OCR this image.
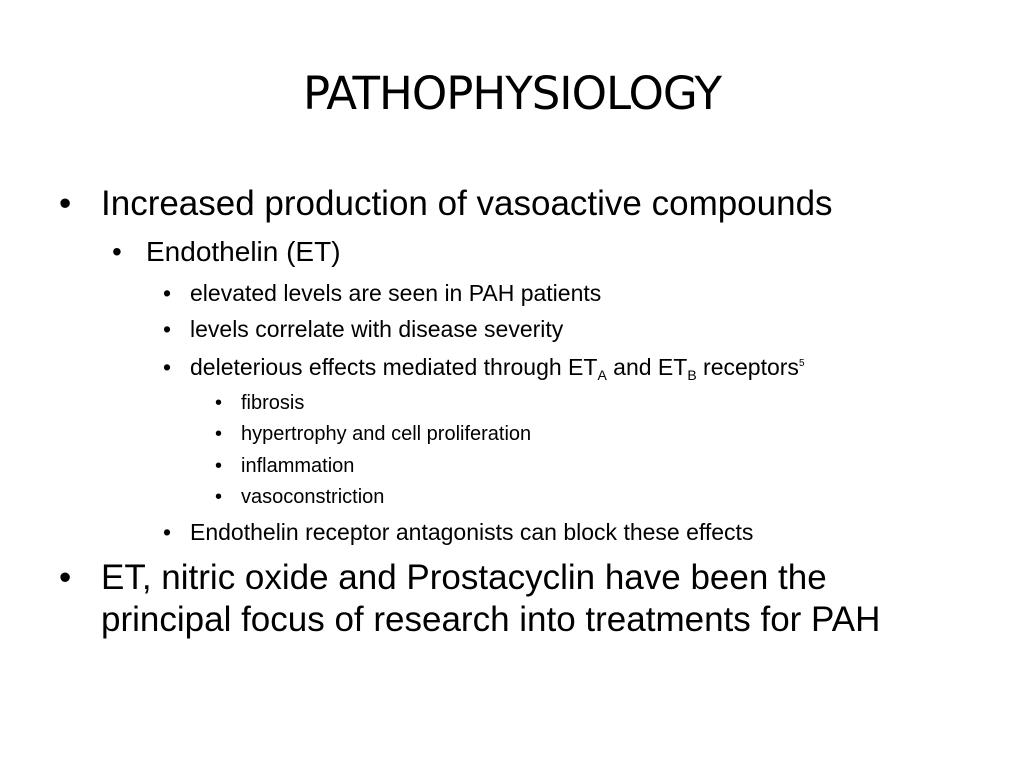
PATHOPHYSIOLOGY

• Increased production of vasoactive compounds

• Endothelin (ET)

• elevated levels are seen in PAH patients

• levels correlate with disease severity

• deleterious effects mediated through $ET_A$ and $ET_B$ receptors$^5$

• fibrosis

• hypertrophy and cell proliferation

• inflammation

• vasoconstriction

• Endothelin receptor antagonists can block these effects

• ET, nitric oxide and Prostacyclin have been the
principal focus of research into treatments for PAH
